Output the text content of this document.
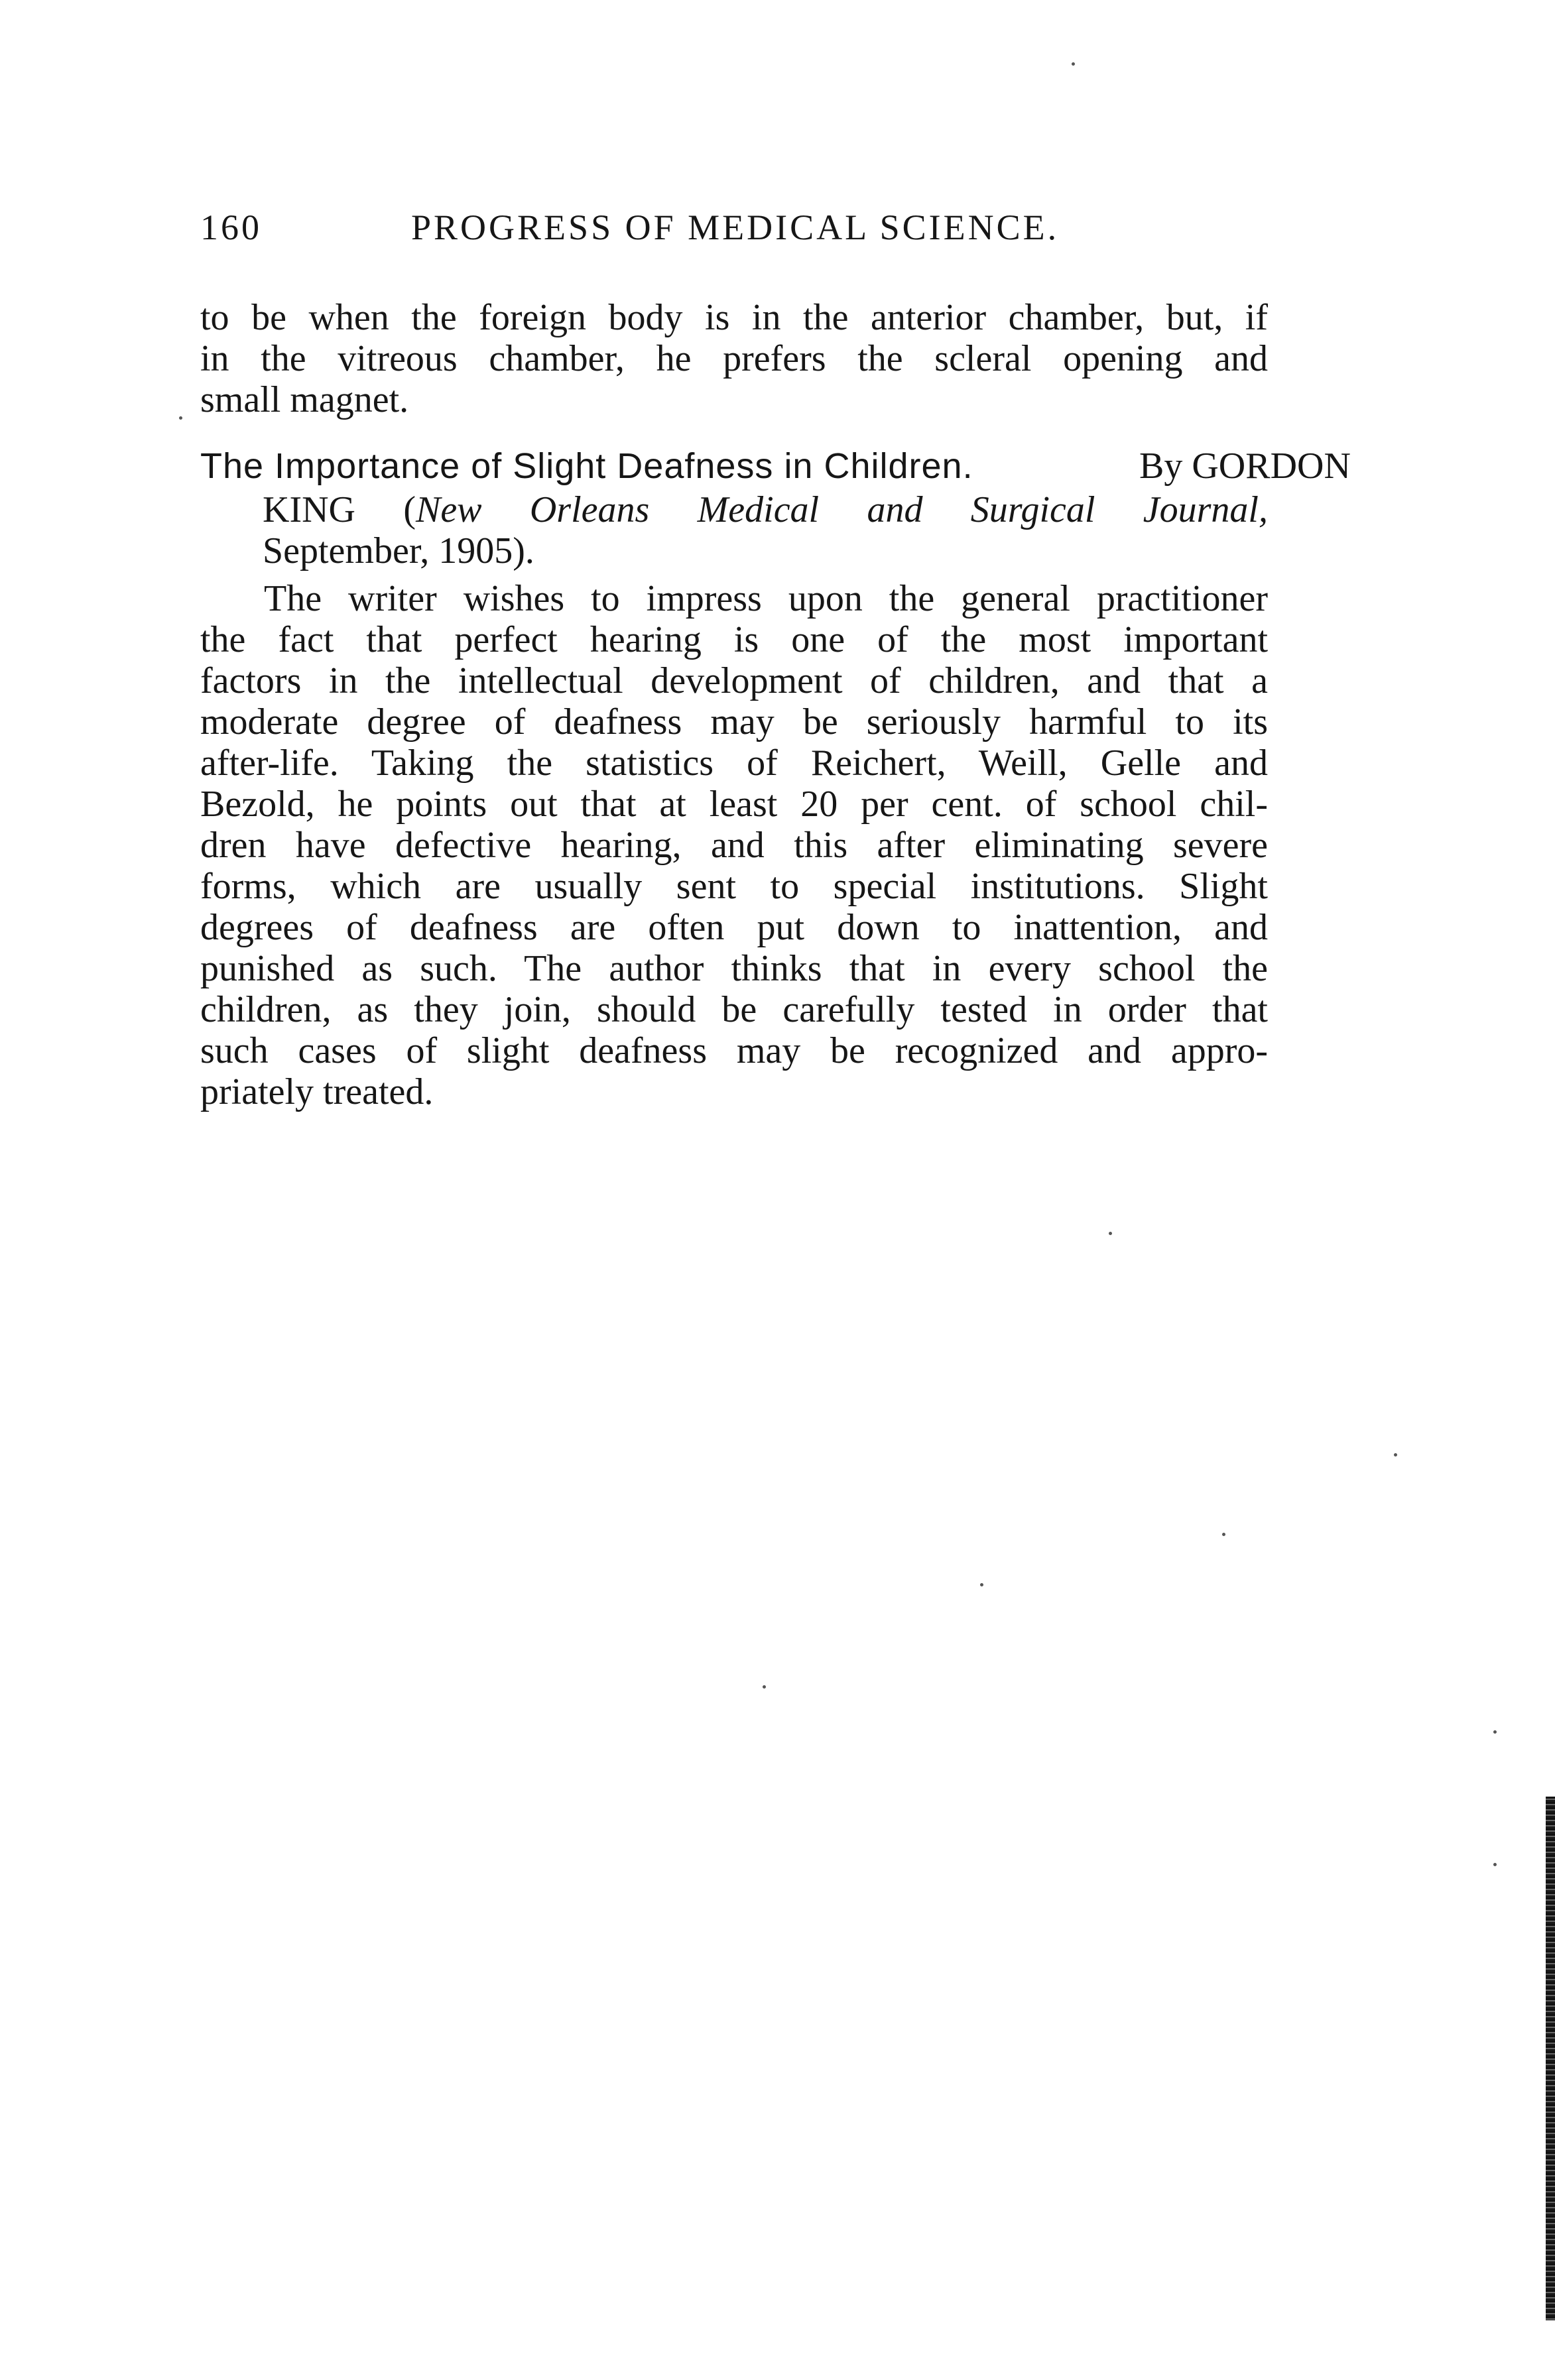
160	PROGRESS OF MEDICAL SCIENCE.
to be when the foreign body is in the anterior chamber, but, if
in the vitreous chamber, he prefers the scleral opening and
small magnet.
The Importance of Slight Deafness in Children.	By GORDON
KING (New Orleans Medical and Surgical Journal,
September, 1905).
The writer wishes to impress upon the general practitioner
the fact that perfect hearing is one of the most important
factors in the intellectual development of children, and that a
moderate degree of deafness may be seriously harmful to its
after-life. Taking the statistics of Reichert, Weill, Gelle and
Bezold, he points out that at least 20 per cent. of school chil-
dren have defective hearing, and this after eliminating severe
forms, which are usually sent to special institutions. Slight
degrees of deafness are often put down to inattention, and
punished as such. The author thinks that in every school the
children, as they join, should be carefully tested in order that
such cases of slight deafness may be recognized and appro-
priately treated.
